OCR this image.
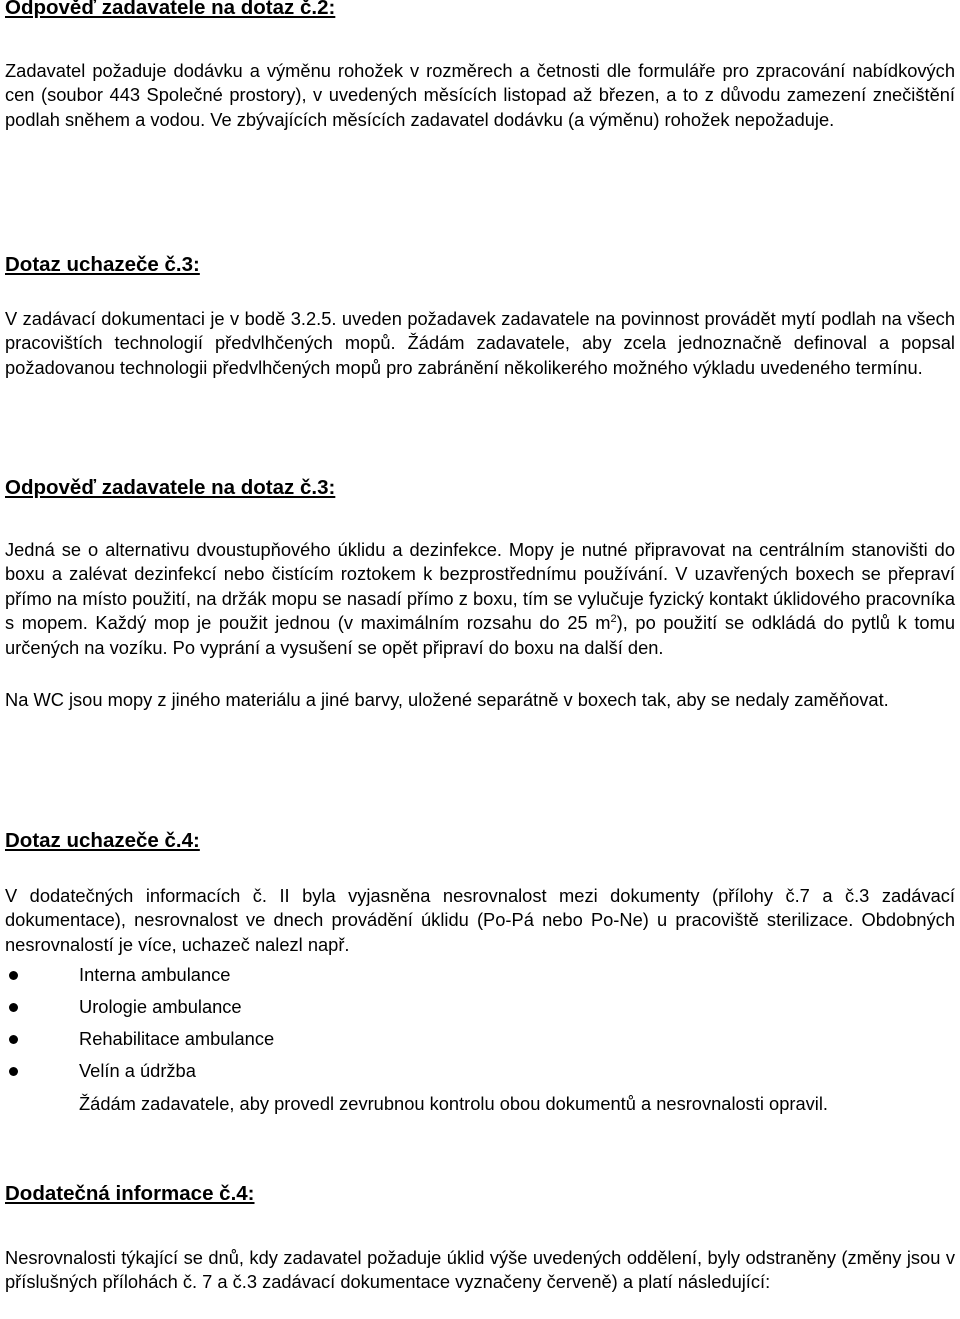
Odpověď zadavatele na dotaz č.2:
Zadavatel požaduje dodávku a výměnu rohožek v rozměrech a četnosti dle formuláře pro zpracování nabídkových cen (soubor 443 Společné prostory), v uvedených měsících listopad až březen, a to z důvodu zamezení znečištění podlah sněhem a vodou. Ve zbývajících měsících zadavatel dodávku (a výměnu) rohožek nepožaduje.
Dotaz uchazeče č.3:
V zadávací dokumentaci je v bodě 3.2.5. uveden požadavek zadavatele na povinnost provádět mytí podlah na všech pracovištích technologií předvlhčených mopů. Žádám zadavatele, aby zcela jednoznačně definoval a popsal požadovanou technologii předvlhčených mopů pro zabránění několikerého možného výkladu uvedeného termínu.
Odpověď zadavatele na dotaz č.3:
Jedná se o alternativu dvoustupňového úklidu a dezinfekce. Mopy je nutné připravovat na centrálním stanovišti do boxu a zalévat dezinfekcí nebo čistícím roztokem k bezprostřednímu používání. V uzavřených boxech se přepraví přímo na místo použití, na držák mopu se nasadí přímo z boxu, tím se vylučuje fyzický kontakt úklidového pracovníka s mopem. Každý mop je použit jednou (v maximálním rozsahu do 25 $m^2$), po použití se odkládá do pytlů k tomu určených na vozíku. Po vyprání a vysušení se opět připraví do boxu na další den.
Na WC jsou mopy z jiného materiálu a jiné barvy, uložené separátně v boxech tak, aby se nedaly zaměňovat.
Dotaz uchazeče č.4:
V dodatečných informacích č. II byla vyjasněna nesrovnalost mezi dokumenty (přílohy č.7 a č.3 zadávací dokumentace), nesrovnalost ve dnech provádění úklidu (Po-Pá nebo Po-Ne) u pracoviště sterilizace. Obdobných nesrovnalostí je více, uchazeč nalezl např.
Interna ambulance
Urologie ambulance
Rehabilitace ambulance
Velín a údržba
Žádám zadavatele, aby provedl zevrubnou kontrolu obou dokumentů a nesrovnalosti opravil.
Dodatečná informace č.4:
Nesrovnalosti týkající se dnů, kdy zadavatel požaduje úklid výše uvedených oddělení, byly odstraněny (změny jsou v příslušných přílohách č. 7 a č.3 zadávací dokumentace vyznačeny červeně) a platí následující:
